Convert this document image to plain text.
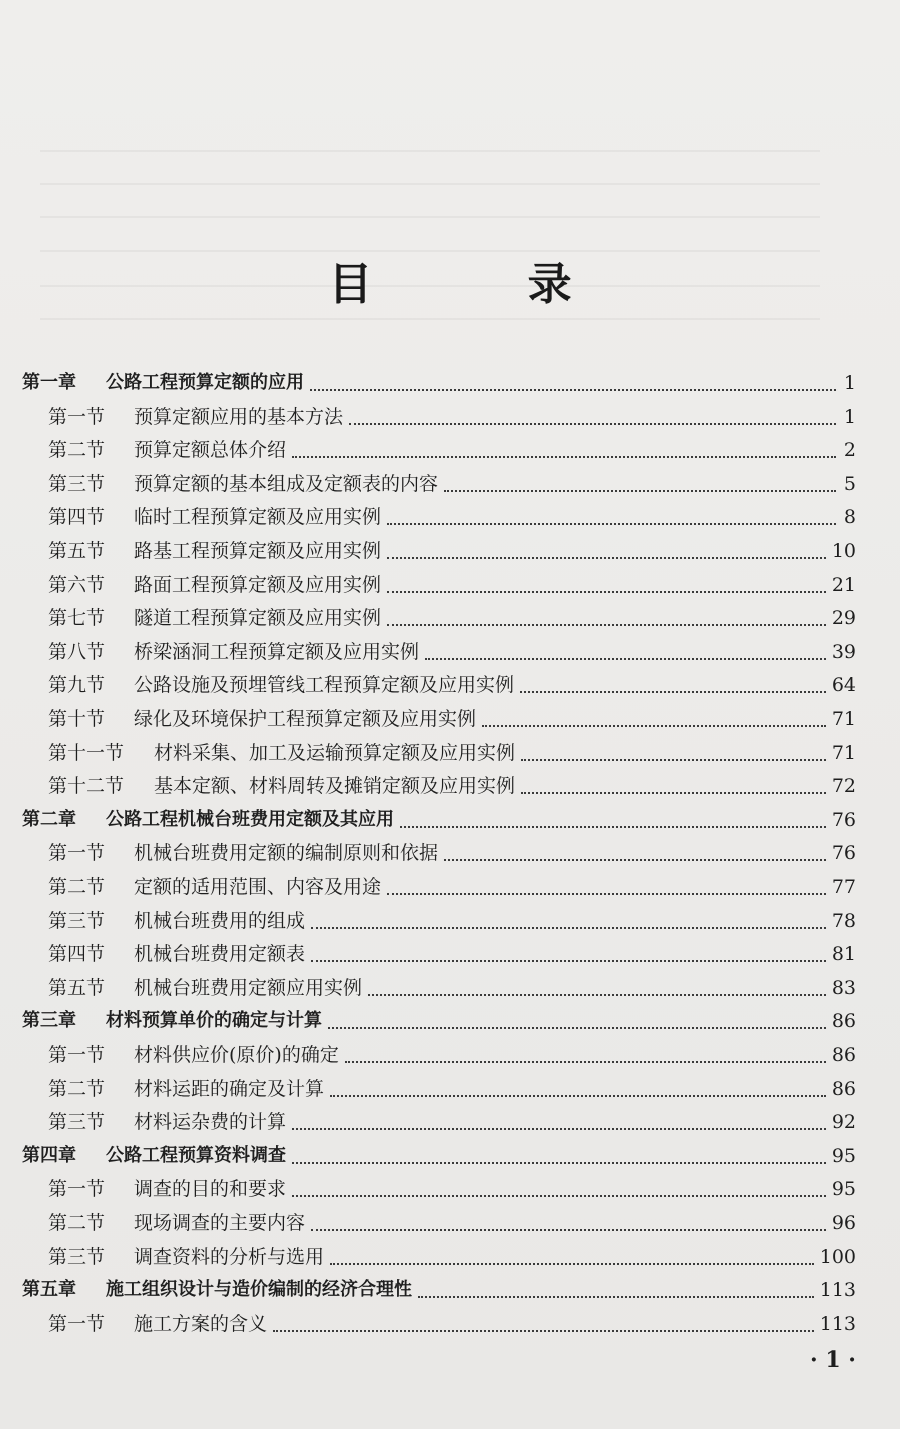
目 录
第一章	公路工程预算定额的应用	1
第一节	预算定额应用的基本方法	1
第二节	预算定额总体介绍	2
第三节	预算定额的基本组成及定额表的内容	5
第四节	临时工程预算定额及应用实例	8
第五节	路基工程预算定额及应用实例	10
第六节	路面工程预算定额及应用实例	21
第七节	隧道工程预算定额及应用实例	29
第八节	桥梁涵洞工程预算定额及应用实例	39
第九节	公路设施及预埋管线工程预算定额及应用实例	64
第十节	绿化及环境保护工程预算定额及应用实例	71
第十一节	材料采集、加工及运输预算定额及应用实例	71
第十二节	基本定额、材料周转及摊销定额及应用实例	72
第二章	公路工程机械台班费用定额及其应用	76
第一节	机械台班费用定额的编制原则和依据	76
第二节	定额的适用范围、内容及用途	77
第三节	机械台班费用的组成	78
第四节	机械台班费用定额表	81
第五节	机械台班费用定额应用实例	83
第三章	材料预算单价的确定与计算	86
第一节	材料供应价(原价)的确定	86
第二节	材料运距的确定及计算	86
第三节	材料运杂费的计算	92
第四章	公路工程预算资料调查	95
第一节	调查的目的和要求	95
第二节	现场调查的主要内容	96
第三节	调查资料的分析与选用	100
第五章	施工组织设计与造价编制的经济合理性	113
第一节	施工方案的含义	113
· 1 ·
